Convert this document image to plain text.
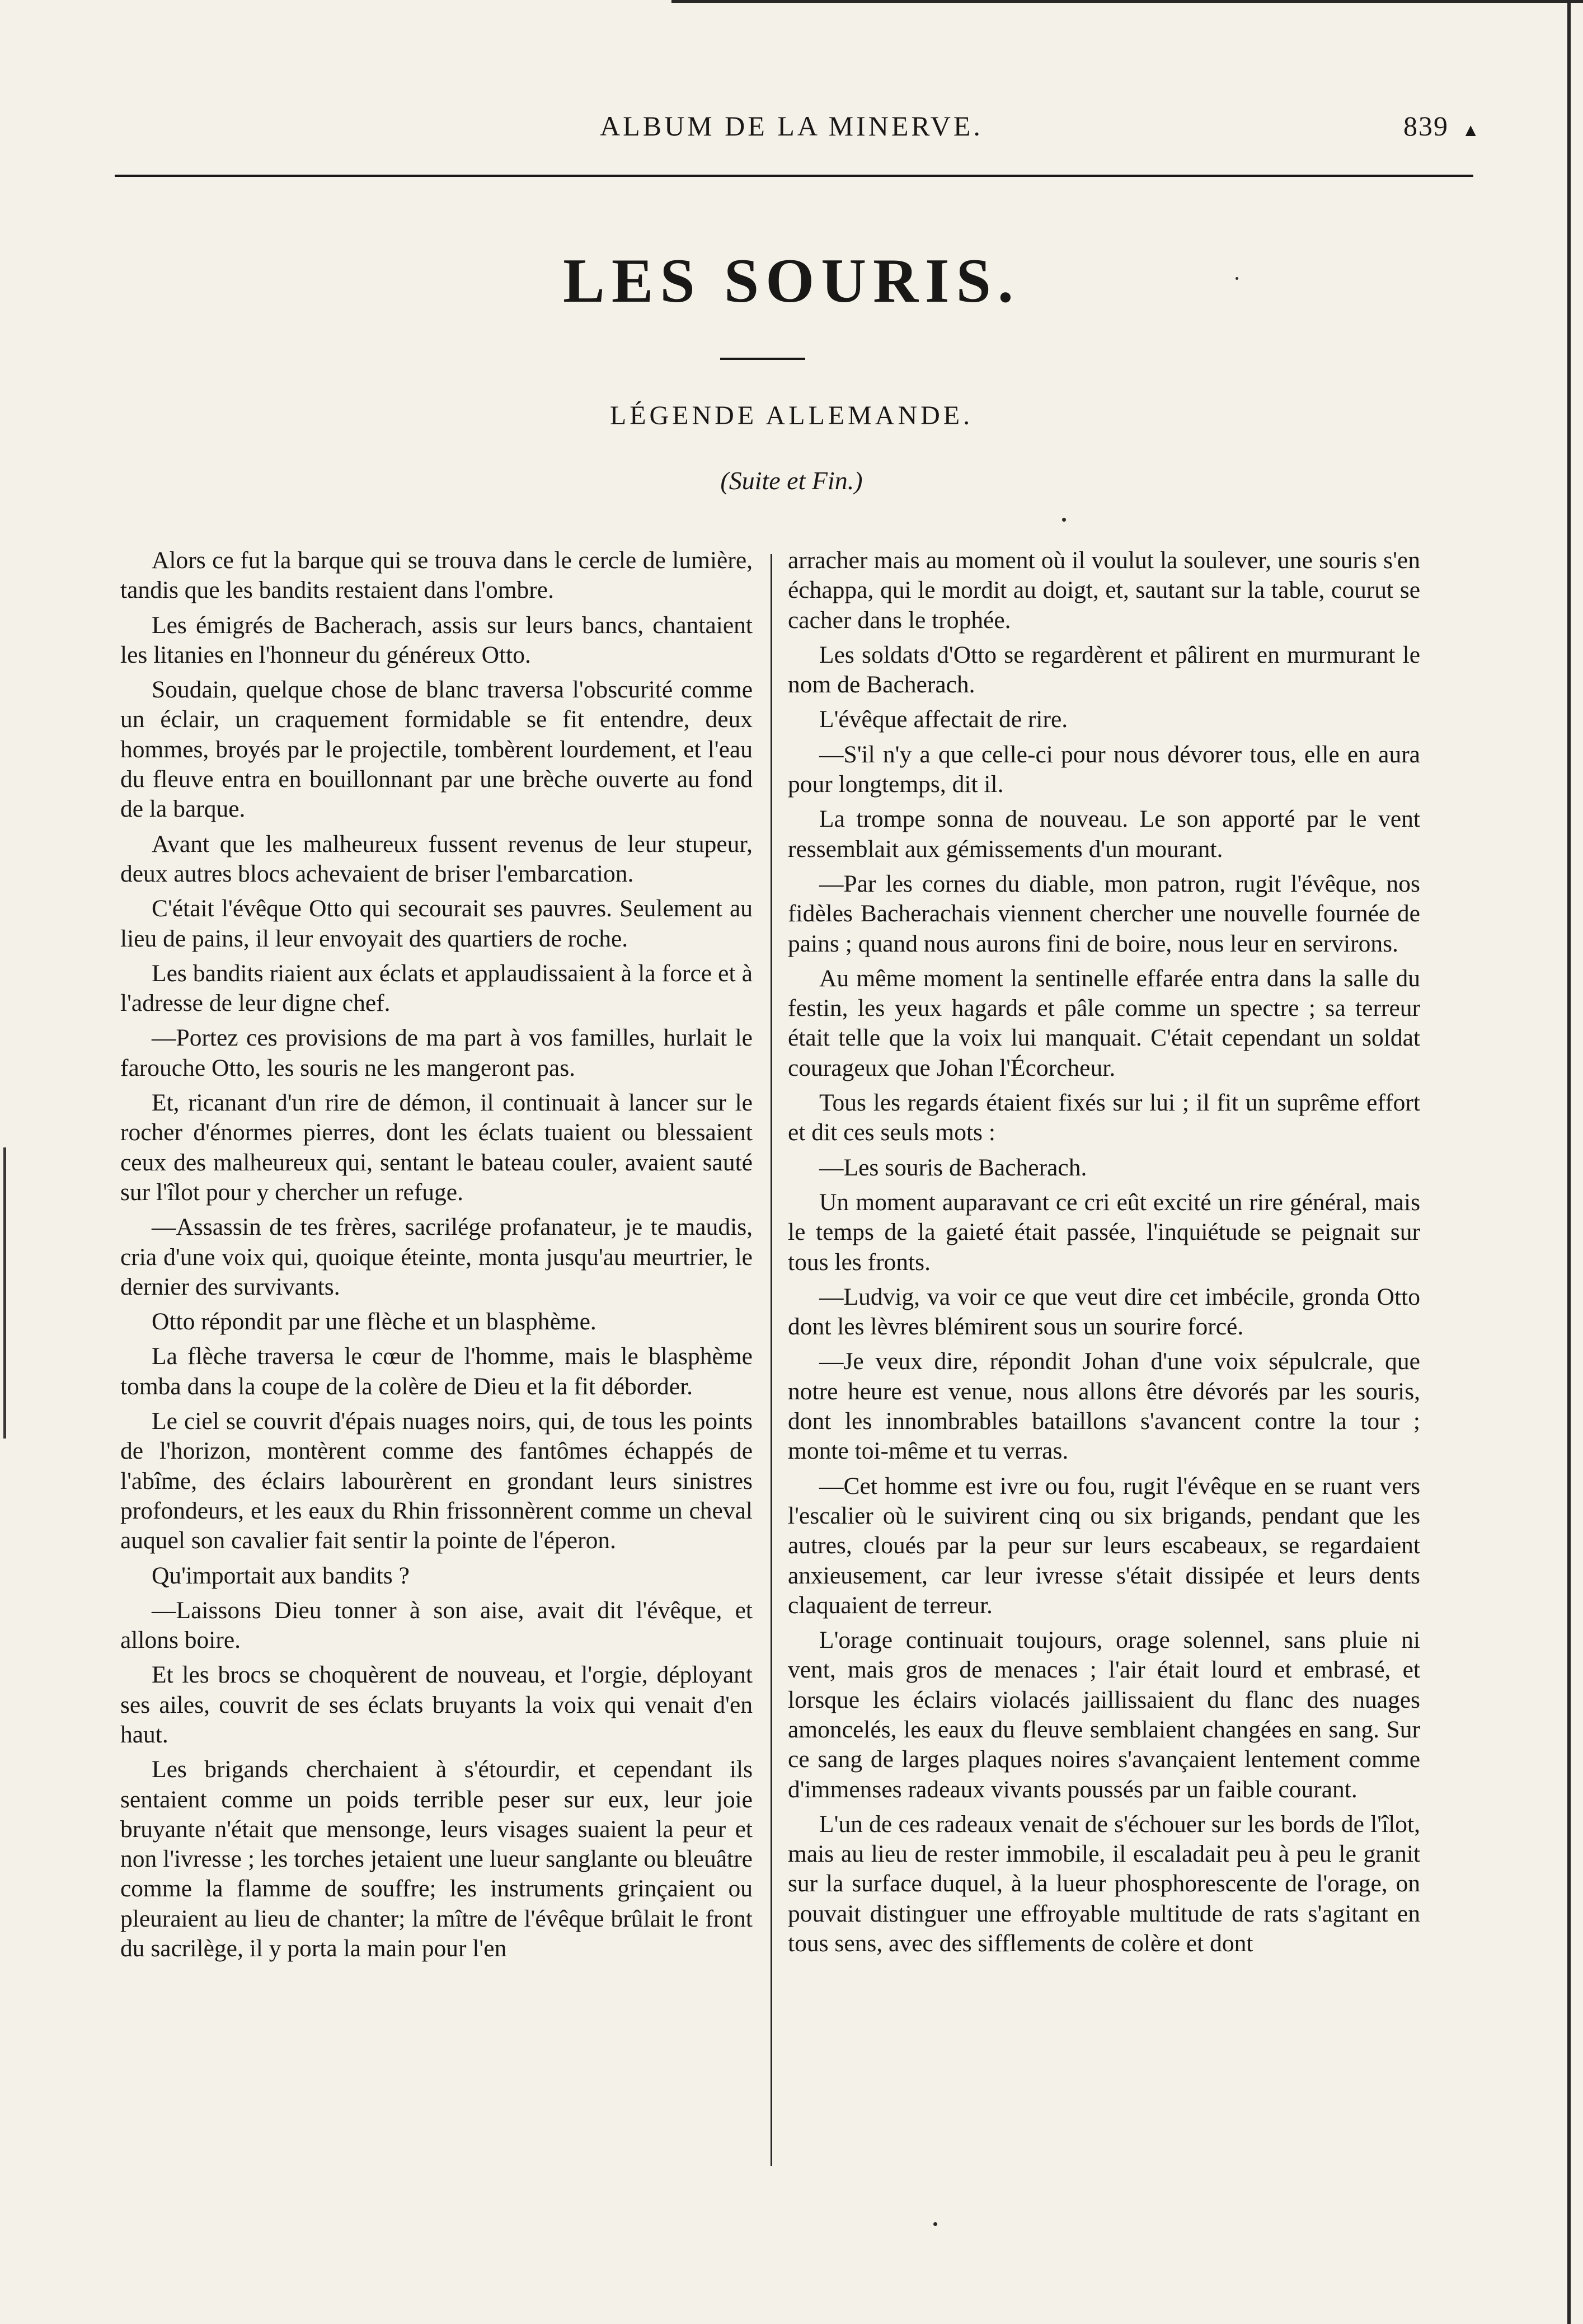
ALBUM DE LA MINERVE.	839 ▲
LES SOURIS.
LÉGENDE ALLEMANDE.
(Suite et Fin.)

Alors ce fut la barque qui se trouva dans le cercle de lumière, tandis que les bandits restaient dans l'ombre.

Les émigrés de Bacherach, assis sur leurs bancs, chantaient les litanies en l'honneur du généreux Otto.

Soudain, quelque chose de blanc traversa l'obscurité comme un éclair, un craquement formidable se fit entendre, deux hommes, broyés par le projectile, tombèrent lourdement, et l'eau du fleuve entra en bouillonnant par une brèche ouverte au fond de la barque.

Avant que les malheureux fussent revenus de leur stupeur, deux autres blocs achevaient de briser l'embarcation.

C'était l'évêque Otto qui secourait ses pauvres. Seulement au lieu de pains, il leur envoyait des quartiers de roche.

Les bandits riaient aux éclats et applaudissaient à la force et à l'adresse de leur digne chef.

—Portez ces provisions de ma part à vos familles, hurlait le farouche Otto, les souris ne les mangeront pas.

Et, ricanant d'un rire de démon, il continuait à lancer sur le rocher d'énormes pierres, dont les éclats tuaient ou blessaient ceux des malheureux qui, sentant le bateau couler, avaient sauté sur l'îlot pour y chercher un refuge.

—Assassin de tes frères, sacrilége profanateur, je te maudis, cria d'une voix qui, quoique éteinte, monta jusqu'au meurtrier, le dernier des survivants.

Otto répondit par une flèche et un blasphème.

La flèche traversa le cœur de l'homme, mais le blasphème tomba dans la coupe de la colère de Dieu et la fit déborder.

Le ciel se couvrit d'épais nuages noirs, qui, de tous les points de l'horizon, montèrent comme des fantômes échappés de l'abîme, des éclairs labourèrent en grondant leurs sinistres profondeurs, et les eaux du Rhin frissonnèrent comme un cheval auquel son cavalier fait sentir la pointe de l'éperon.

Qu'importait aux bandits ?

—Laissons Dieu tonner à son aise, avait dit l'évêque, et allons boire.

Et les brocs se choquèrent de nouveau, et l'orgie, déployant ses ailes, couvrit de ses éclats bruyants la voix qui venait d'en haut.

Les brigands cherchaient à s'étourdir, et cependant ils sentaient comme un poids terrible peser sur eux, leur joie bruyante n'était que mensonge, leurs visages suaient la peur et non l'ivresse ; les torches jetaient une lueur sanglante ou bleuâtre comme la flamme de souffre; les instruments grinçaient ou pleuraient au lieu de chanter; la mître de l'évêque brûlait le front du sacrilège, il y porta la main pour l'en

arracher mais au moment où il voulut la soulever, une souris s'en échappa, qui le mordit au doigt, et, sautant sur la table, courut se cacher dans le trophée.

Les soldats d'Otto se regardèrent et pâlirent en murmurant le nom de Bacherach.

L'évêque affectait de rire.

—S'il n'y a que celle-ci pour nous dévorer tous, elle en aura pour longtemps, dit il.

La trompe sonna de nouveau. Le son apporté par le vent ressemblait aux gémissements d'un mourant.

—Par les cornes du diable, mon patron, rugit l'évêque, nos fidèles Bacherachais viennent chercher une nouvelle fournée de pains ; quand nous aurons fini de boire, nous leur en servirons.

Au même moment la sentinelle effarée entra dans la salle du festin, les yeux hagards et pâle comme un spectre ; sa terreur était telle que la voix lui manquait. C'était cependant un soldat courageux que Johan l'Écorcheur.

Tous les regards étaient fixés sur lui ; il fit un suprême effort et dit ces seuls mots :

—Les souris de Bacherach.

Un moment auparavant ce cri eût excité un rire général, mais le temps de la gaieté était passée, l'inquiétude se peignait sur tous les fronts.

—Ludvig, va voir ce que veut dire cet imbécile, gronda Otto dont les lèvres blémirent sous un sourire forcé.

—Je veux dire, répondit Johan d'une voix sépulcrale, que notre heure est venue, nous allons être dévorés par les souris, dont les innombrables bataillons s'avancent contre la tour ; monte toi-même et tu verras.

—Cet homme est ivre ou fou, rugit l'évêque en se ruant vers l'escalier où le suivirent cinq ou six brigands, pendant que les autres, cloués par la peur sur leurs escabeaux, se regardaient anxieusement, car leur ivresse s'était dissipée et leurs dents claquaient de terreur.

L'orage continuait toujours, orage solennel, sans pluie ni vent, mais gros de menaces ; l'air était lourd et embrasé, et lorsque les éclairs violacés jaillissaient du flanc des nuages amoncelés, les eaux du fleuve semblaient changées en sang. Sur ce sang de larges plaques noires s'avançaient lentement comme d'immenses radeaux vivants poussés par un faible courant.

L'un de ces radeaux venait de s'échouer sur les bords de l'îlot, mais au lieu de rester immobile, il escaladait peu à peu le granit sur la surface duquel, à la lueur phosphorescente de l'orage, on pouvait distinguer une effroyable multitude de rats s'agitant en tous sens, avec des sifflements de colère et dont
